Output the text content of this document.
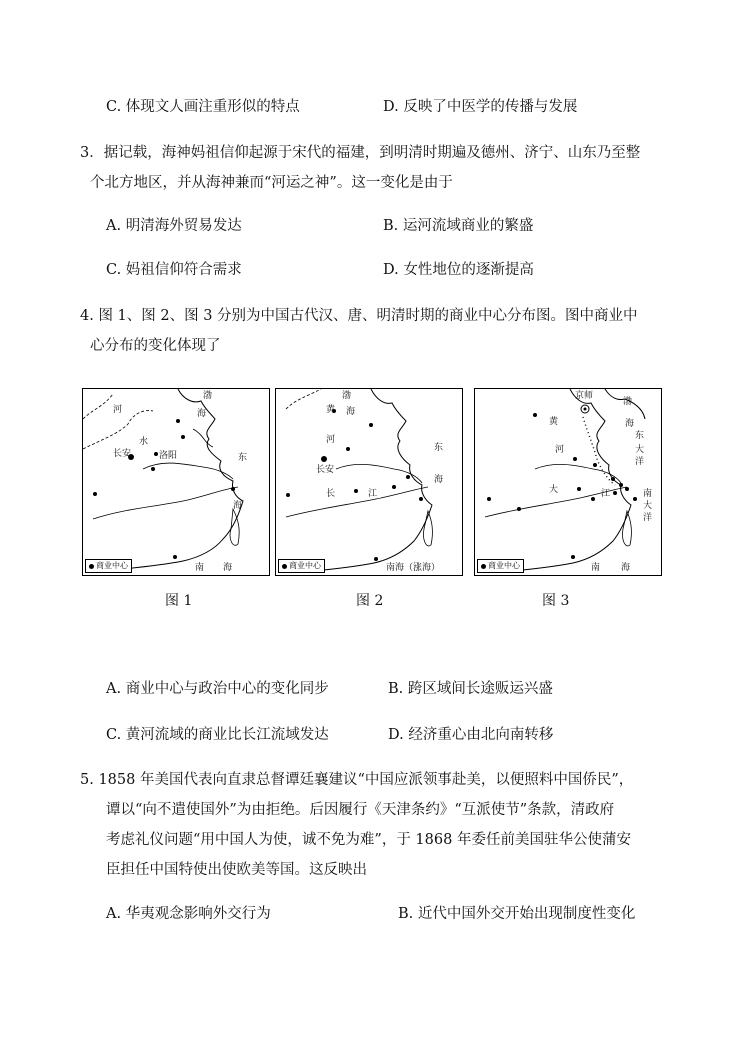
C. 体现文人画注重形似的特点	D. 反映了中医学的传播与发展
3．据记载，海神妈祖信仰起源于宋代的福建，到明清时期遍及德州、济宁、山东乃至整
个北方地区，并从海神兼而“河运之神”。这一变化是由于
A. 明清海外贸易发达	B. 运河流域商业的繁盛
C. 妈祖信仰符合需求	D. 女性地位的逐渐提高
4. 图 1、图 2、图 3 分别为中国古代汉、唐、明清时期的商业中心分布图。图中商业中
心分布的变化体现了
渤
河	海
水
长安	洛阳	东
海
南 海
商业中心
渤
海
黄
河
东
长安
海
长	江
南海（涨海）
商业中心
京师
渤
海
黄
河
东
大
洋
大	江	南
大
洋
南 海
商业中心
图 1	图 2	图 3
A. 商业中心与政治中心的变化同步	B. 跨区域间长途贩运兴盛
C. 黄河流域的商业比长江流域发达	D. 经济重心由北向南转移
5. 1858 年美国代表向直隶总督谭廷襄建议“中国应派领事赴美，以便照料中国侨民”，
谭以“向不遣使国外”为由拒绝。后因履行《天津条约》“互派使节”条款，清政府
考虑礼仪问题“用中国人为使，诚不免为难”，于 1868 年委任前美国驻华公使蒲安
臣担任中国特使出使欧美等国。这反映出
A. 华夷观念影响外交行为	B. 近代中国外交开始出现制度性变化
